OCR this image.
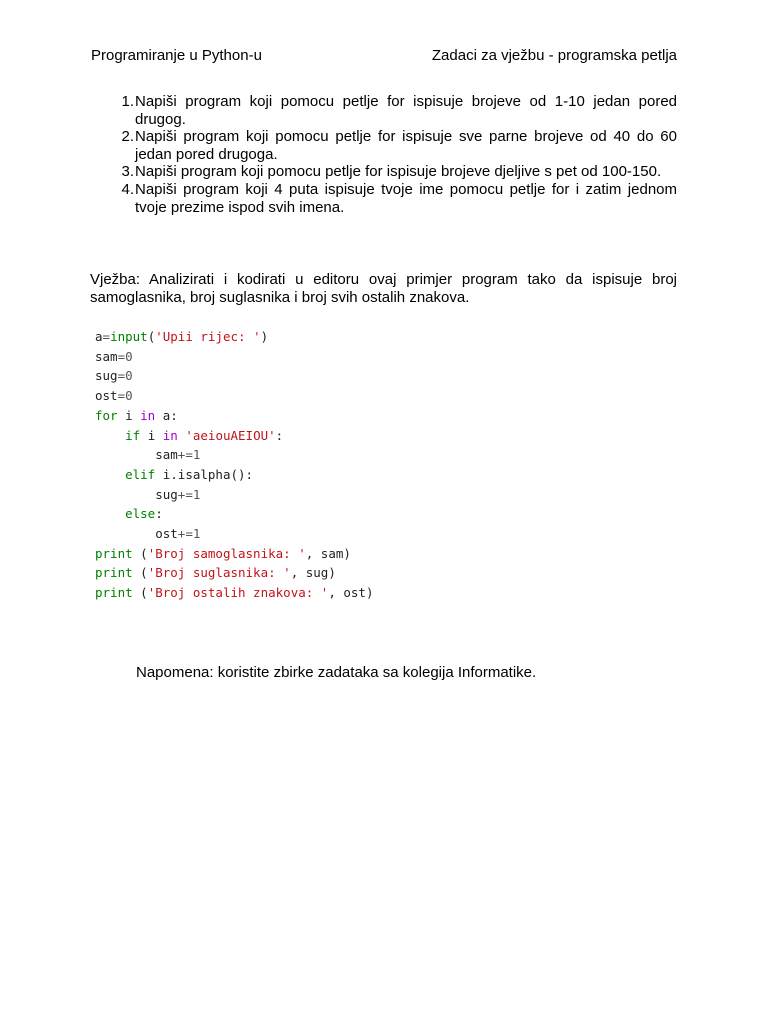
Programiranje u Python-u	Zadaci za vježbu - programska petlja
1. Napiši program koji pomocu petlje for ispisuje brojeve od 1-10 jedan pored
drugog.
2. Napiši program koji pomocu petlje for ispisuje sve parne brojeve od 40 do 60
jedan pored drugoga.
3. Napiši program koji pomocu petlje for ispisuje brojeve djeljive s pet od 100-150.
4. Napiši program koji 4 puta ispisuje tvoje ime pomocu petlje for i zatim jednom
tvoje prezime ispod svih imena.

Vježba: Analizirati i kodirati u editoru ovaj primjer program tako da ispisuje broj
samoglasnika, broj suglasnika i broj svih ostalih znakova.

a=input('Upii rijec: ')
sam=0
sug=0
ost=0
for i in a:
if i in 'aeiouAEIOU':
sam+=1
elif i.isalpha():
sug+=1
else:
ost+=1
print ('Broj samoglasnika: ', sam)
print ('Broj suglasnika: ', sug)
print ('Broj ostalih znakova: ', ost)

Napomena: koristite zbirke zadataka sa kolegija Informatike.
